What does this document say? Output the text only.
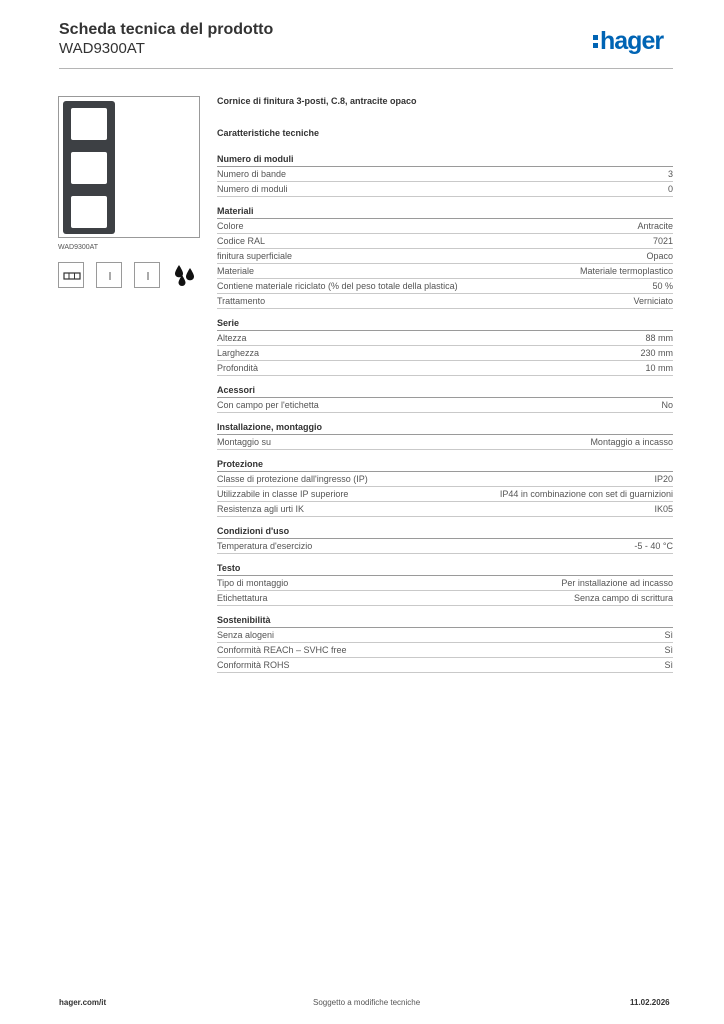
Scheda tecnica del prodotto
WAD9300AT	hager
WAD9300AT
Cornice di finitura 3-posti, C.8, antracite opaco
Caratteristiche tecniche
Numero di moduli
Numero di bande	3
Numero di moduli	0
Materiali
Colore	Antracite
Codice RAL	7021
finitura superficiale	Opaco
Materiale	Materiale termoplastico
Contiene materiale riciclato (% del peso totale della plastica)	50 %
Trattamento	Verniciato
Serie
Altezza	88 mm
Larghezza	230 mm
Profondità	10 mm
Acessori
Con campo per l'etichetta	No
Installazione, montaggio
Montaggio su	Montaggio a incasso
Protezione
Classe di protezione dall'ingresso (IP)	IP20
Utilizzabile in classe IP superiore	IP44 in combinazione con set di guarnizioni
Resistenza agli urti IK	IK05
Condizioni d'uso
Temperatura d'esercizio	-5 - 40 °C
Testo
Tipo di montaggio	Per installazione ad incasso
Etichettatura	Senza campo di scrittura
Sostenibilità
Senza alogeni	Sì
Conformità REACh – SVHC free	Sì
Conformità ROHS	Sì
hager.com/it	Soggetto a modifiche tecniche	11.02.2026
